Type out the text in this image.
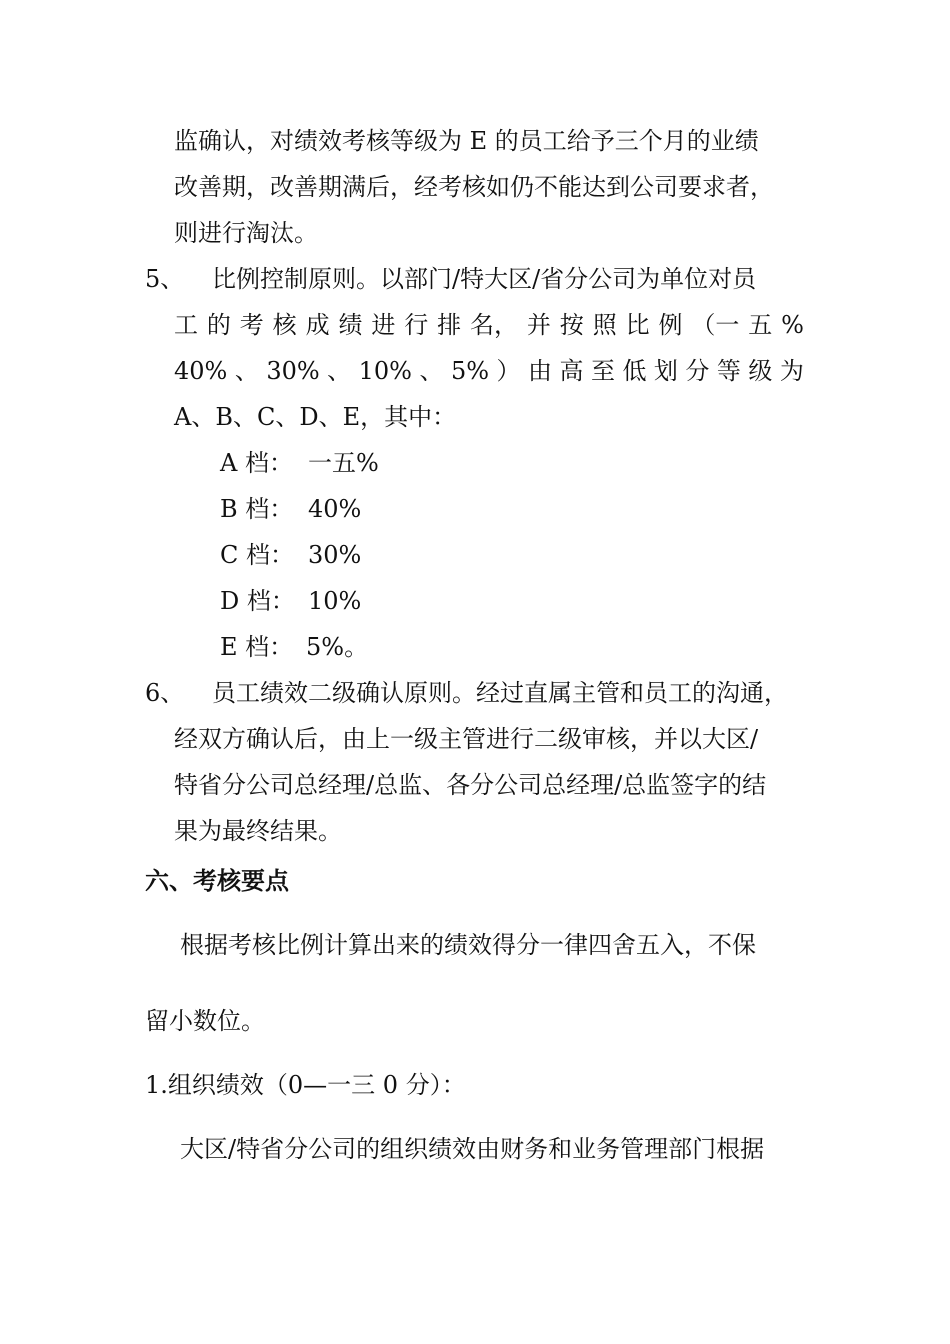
监确认，对绩效考核等级为 E 的员工给予三个月的业绩
改善期，改善期满后，经考核如仍不能达到公司要求者，
则进行淘汰。
5、 比例控制原则。以部门/特大区/省分公司为单位对员
工 的 考 核 成 绩 进 行 排 名， 并 按 照 比 例 （一 五 %
40% 、 30% 、 10% 、 5% ） 由 高 至 低 划 分 等 级 为
A、B、C、D、E，其中：
A 档： 一五%
B 档： 40%
C 档： 30%
D 档： 10%
E 档： 5%。
6、 员工绩效二级确认原则。经过直属主管和员工的沟通，
经双方确认后，由上一级主管进行二级审核，并以大区/
特省分公司总经理/总监、各分公司总经理/总监签字的结
果为最终结果。
六、考核要点
根据考核比例计算出来的绩效得分一律四舍五入，不保
留小数位。
1.组织绩效（0—一三 0 分）：
大区/特省分公司的组织绩效由财务和业务管理部门根据
